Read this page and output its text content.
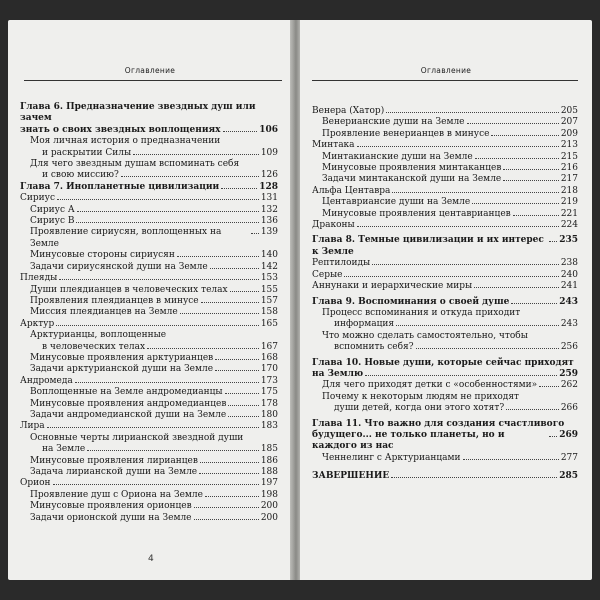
Оглавление
Глава 6. Предназначение звездных душ или зачем
знать о своих звездных воплощениях	106
Моя личная история о предназначении
и раскрытии Силы	109
Для чего звездным душам вспоминать себя
и свою миссию?	126
Глава 7. Инопланетные цивилизации	128
Сириус	131
Сириус А	132
Сириус В	136
Проявление сириусян, воплощенных на Земле
139
Минусовые стороны сириусян	140
Задачи сириусянской души на Земле	142
Плеяды	153
Души плеядианцев в человеческих телах	155
Проявления плеядианцев в минусе	157
Миссия плеядианцев на Земле	158
Арктур	165
Арктурианцы, воплощенные
в человеческих телах	167
Минусовые проявления арктурианцев	168
Задачи арктурианской души на Земле	170
Андромеда	173
Воплощенные на Земле андромедианцы	175
Минусовые проявления андромедианцев	178
Задачи андромедианской души на Земле	180
Лира	183
Основные черты лирианской звездной души
на Земле	185
Минусовые проявления лирианцев	186
Задача лирианской души на Земле	188
Орион	197
Проявление душ с Ориона на Земле	198
Минусовые проявления орионцев	200
Задачи орионской души на Земле	200
4
Оглавление
Венера (Хатор)	205
Венерианские души на Земле	207
Проявление венерианцев в минусе	209
Минтака	213
Минтакианские души на Земле	215
Минусовые проявления минтаканцев	216
Задачи минтаканской души на Земле	217
Альфа Центавра	218
Центавриансие души на Земле	219
Минусовые проявления центаврианцев	221
Драконы	224
Глава 8. Темные цивилизации и их интерес к Земле
235
Рептилоиды	238
Серые	240
Аннунаки и иерархические миры	241
Глава 9. Воспоминания о своей душе	243
Процесс вспоминания и откуда приходит
информация	243
Что можно сделать самостоятельно, чтобы
вспомнить себя?	256
Глава 10. Новые души, которые сейчас приходят
на Землю	259
Для чего приходят детки с «особенностями»	262
Почему к некоторым людям не приходят
души детей, когда они этого хотят?	266
Глава 11. Что важно для создания счастливого
будущего... не только планеты, но и каждого из нас
269
Ченнелинг с Арктурианцами	277
ЗАВЕРШЕНИЕ	285
